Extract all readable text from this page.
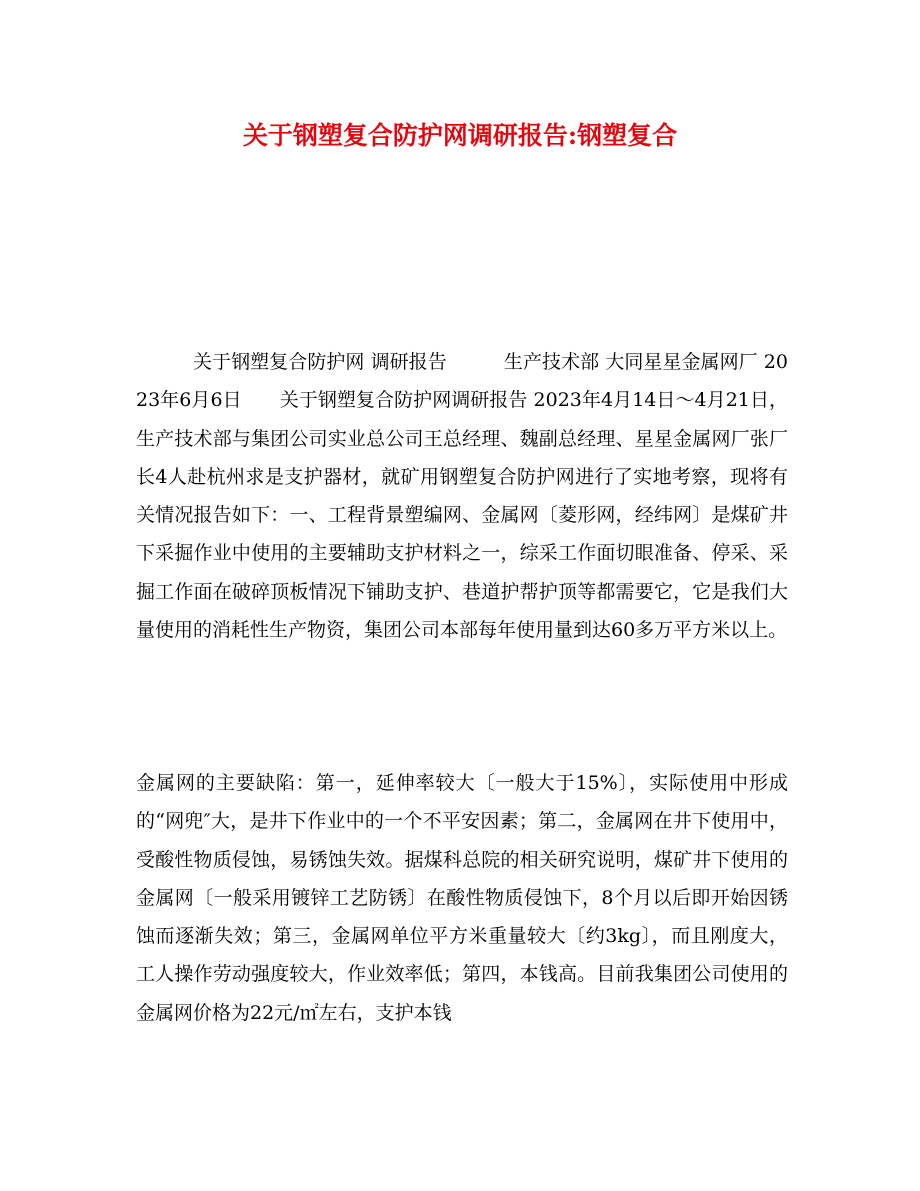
关于钢塑复合防护网调研报告:钢塑复合

关于钢塑复合防护网 调研报告　　　生产技术部 大同星星金属网厂 2023年6月6日　　关于钢塑复合防护网调研报告 2023年4月14日～4月21日，生产技术部与集团公司实业总公司王总经理、魏副总经理、星星金属网厂张厂长4人赴杭州求是支护器材，就矿用钢塑复合防护网进行了实地考察，现将有关情况报告如下：一、工程背景塑编网、金属网〔菱形网，经纬网〕是煤矿井下采掘作业中使用的主要辅助支护材料之一，综采工作面切眼准备、停采、采掘工作面在破碎顶板情况下铺助支护、巷道护帮护顶等都需要它，它是我们大量使用的消耗性生产物资，集团公司本部每年使用量到达60多万平方米以上。

金属网的主要缺陷：第一，延伸率较大〔一般大于15%〕，实际使用中形成的“网兜″大，是井下作业中的一个不平安因素；第二，金属网在井下使用中，受酸性物质侵蚀，易锈蚀失效。据煤科总院的相关研究说明，煤矿井下使用的金属网〔一般采用镀锌工艺防锈〕在酸性物质侵蚀下，8个月以后即开始因锈蚀而逐渐失效；第三，金属网单位平方米重量较大〔约3kg〕，而且刚度大，工人操作劳动强度较大，作业效率低；第四，本钱高。目前我集团公司使用的金属网价格为22元/㎡左右，支护本钱
